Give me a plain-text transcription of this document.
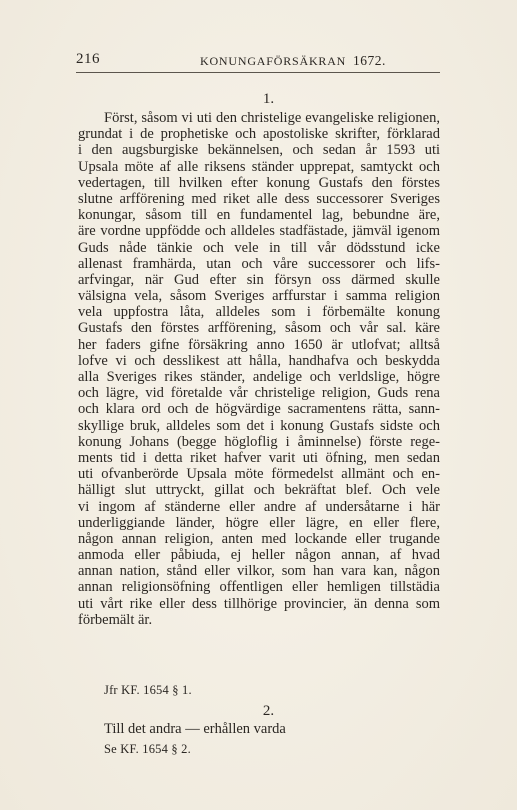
216	KONUNGAFÖRSÄKRAN 1672.
1.
Först, såsom vi uti den christelige evangeliske religionen,
grundat i de prophetiske och apostoliske skrifter, förklarad
i den augsburgiske bekännelsen, och sedan år 1593 uti
Upsala möte af alle riksens ständer upprepat, samtyckt och
vedertagen, till hvilken efter konung Gustafs den förstes
slutne arfförening med riket alle dess successorer Sveriges
konungar, såsom till en fundamentel lag, bebundne äre,
äre vordne uppfödde och alldeles stadfästade, jämväl igenom
Guds nåde tänkie och vele in till vår dödsstund icke
allenast framhärda, utan och våre successorer och lifs-
arfvingar, när Gud efter sin försyn oss därmed skulle
välsigna vela, såsom Sveriges arffurstar i samma religion
vela uppfostra låta, alldeles som i förbemälte konung
Gustafs den förstes arfförening, såsom och vår sal. käre
her faders gifne försäkring anno 1650 är utlofvat; alltså
lofve vi och desslikest att hålla, handhafva och beskydda
alla Sveriges rikes ständer, andelige och verldslige, högre
och lägre, vid företalde vår christelige religion, Guds rena
och klara ord och de högvärdige sacramentens rätta, sann-
skyllige bruk, alldeles som det i konung Gustafs sidste och
konung Johans (begge högloflig i åminnelse) förste rege-
ments tid i detta riket hafver varit uti öfning, men sedan
uti ofvanberörde Upsala möte förmedelst allmänt och en-
hälligt slut uttryckt, gillat och bekräftat blef. Och vele
vi ingom af ständerne eller andre af undersåtarne i här
underliggiande länder, högre eller lägre, en eller flere,
någon annan religion, anten med lockande eller trugande
anmoda eller påbiuda, ej heller någon annan, af hvad
annan nation, stånd eller vilkor, som han vara kan, någon
annan religionsöfning offentligen eller hemligen tillstädia
uti vårt rike eller dess tillhörige provincier, än denna som
förbemält är.
Jfr KF. 1654 § 1.
2.
Till det andra — erhållen varda
Se KF. 1654 § 2.
